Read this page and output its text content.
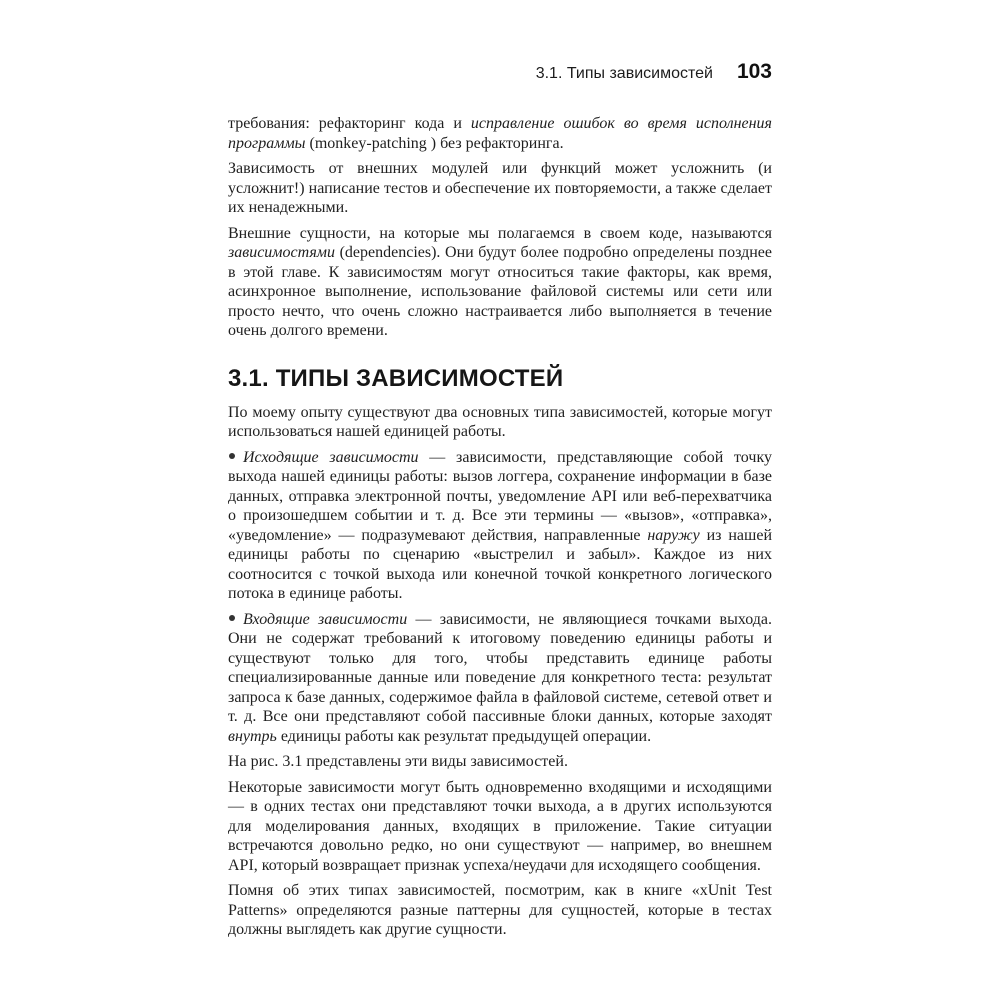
3.1. Типы зависимостей 103

требования: рефакторинг кода и исправление ошибок во время исполнения программы (monkey-patching ) без рефакторинга.

Зависимость от внешних модулей или функций может усложнить (и усложнит!) написание тестов и обеспечение их повторяемости, а также сделает их ненадежными.

Внешние сущности, на которые мы полагаемся в своем коде, называются зависимостями (dependencies). Они будут более подробно определены позднее в этой главе. К зависимостям могут относиться такие факторы, как время, асинхронное выполнение, использование файловой системы или сети или просто нечто, что очень сложно настраивается либо выполняется в течение очень долгого времени.

3.1. ТИПЫ ЗАВИСИМОСТЕЙ

По моему опыту существуют два основных типа зависимостей, которые могут использоваться нашей единицей работы.

Исходящие зависимости — зависимости, представляющие собой точку выхода нашей единицы работы: вызов логгера, сохранение информации в базе данных, отправка электронной почты, уведомление API или веб-перехватчика о произошедшем событии и т. д. Все эти термины — «вызов», «отправка», «уведомление» — подразумевают действия, направленные наружу из нашей единицы работы по сценарию «выстрелил и забыл». Каждое из них соотносится с точкой выхода или конечной точкой конкретного логического потока в единице работы.
Входящие зависимости — зависимости, не являющиеся точками выхода. Они не содержат требований к итоговому поведению единицы работы и существуют только для того, чтобы представить единице работы специализированные данные или поведение для конкретного теста: результат запроса к базе данных, содержимое файла в файловой системе, сетевой ответ и т. д. Все они представляют собой пассивные блоки данных, которые заходят внутрь единицы работы как результат предыдущей операции.

На рис. 3.1 представлены эти виды зависимостей.

Некоторые зависимости могут быть одновременно входящими и исходящими — в одних тестах они представляют точки выхода, а в других используются для моделирования данных, входящих в приложение. Такие ситуации встречаются довольно редко, но они существуют — например, во внешнем API, который возвращает признак успеха/неудачи для исходящего сообщения.

Помня об этих типах зависимостей, посмотрим, как в книге «xUnit Test Patterns» определяются разные паттерны для сущностей, которые в тестах должны выглядеть как другие сущности.
